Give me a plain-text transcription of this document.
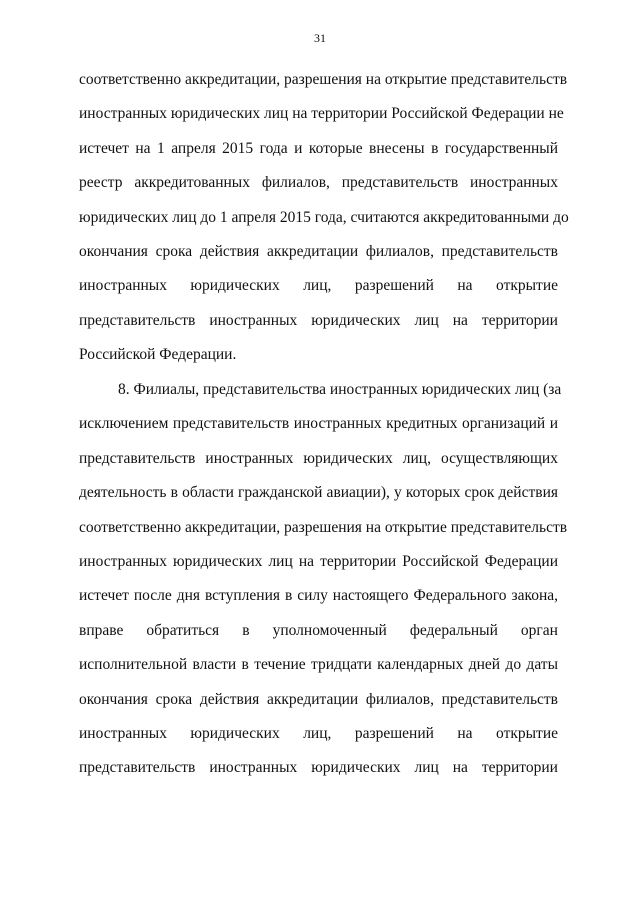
31
соответственно аккредитации, разрешения на открытие представительств
иностранных юридических лиц на территории Российской Федерации не
истечет на 1 апреля 2015 года и которые внесены в государственный
реестр аккредитованных филиалов, представительств иностранных
юридических лиц до 1 апреля 2015 года, считаются аккредитованными до
окончания срока действия аккредитации филиалов, представительств
иностранных юридических лиц, разрешений на открытие
представительств иностранных юридических лиц на территории
Российской Федерации.
8. Филиалы, представительства иностранных юридических лиц (за
исключением представительств иностранных кредитных организаций и
представительств иностранных юридических лиц, осуществляющих
деятельность в области гражданской авиации), у которых срок действия
соответственно аккредитации, разрешения на открытие представительств
иностранных юридических лиц на территории Российской Федерации
истечет после дня вступления в силу настоящего Федерального закона,
вправе обратиться в уполномоченный федеральный орган
исполнительной власти в течение тридцати календарных дней до даты
окончания срока действия аккредитации филиалов, представительств
иностранных юридических лиц, разрешений на открытие
представительств иностранных юридических лиц на территории
